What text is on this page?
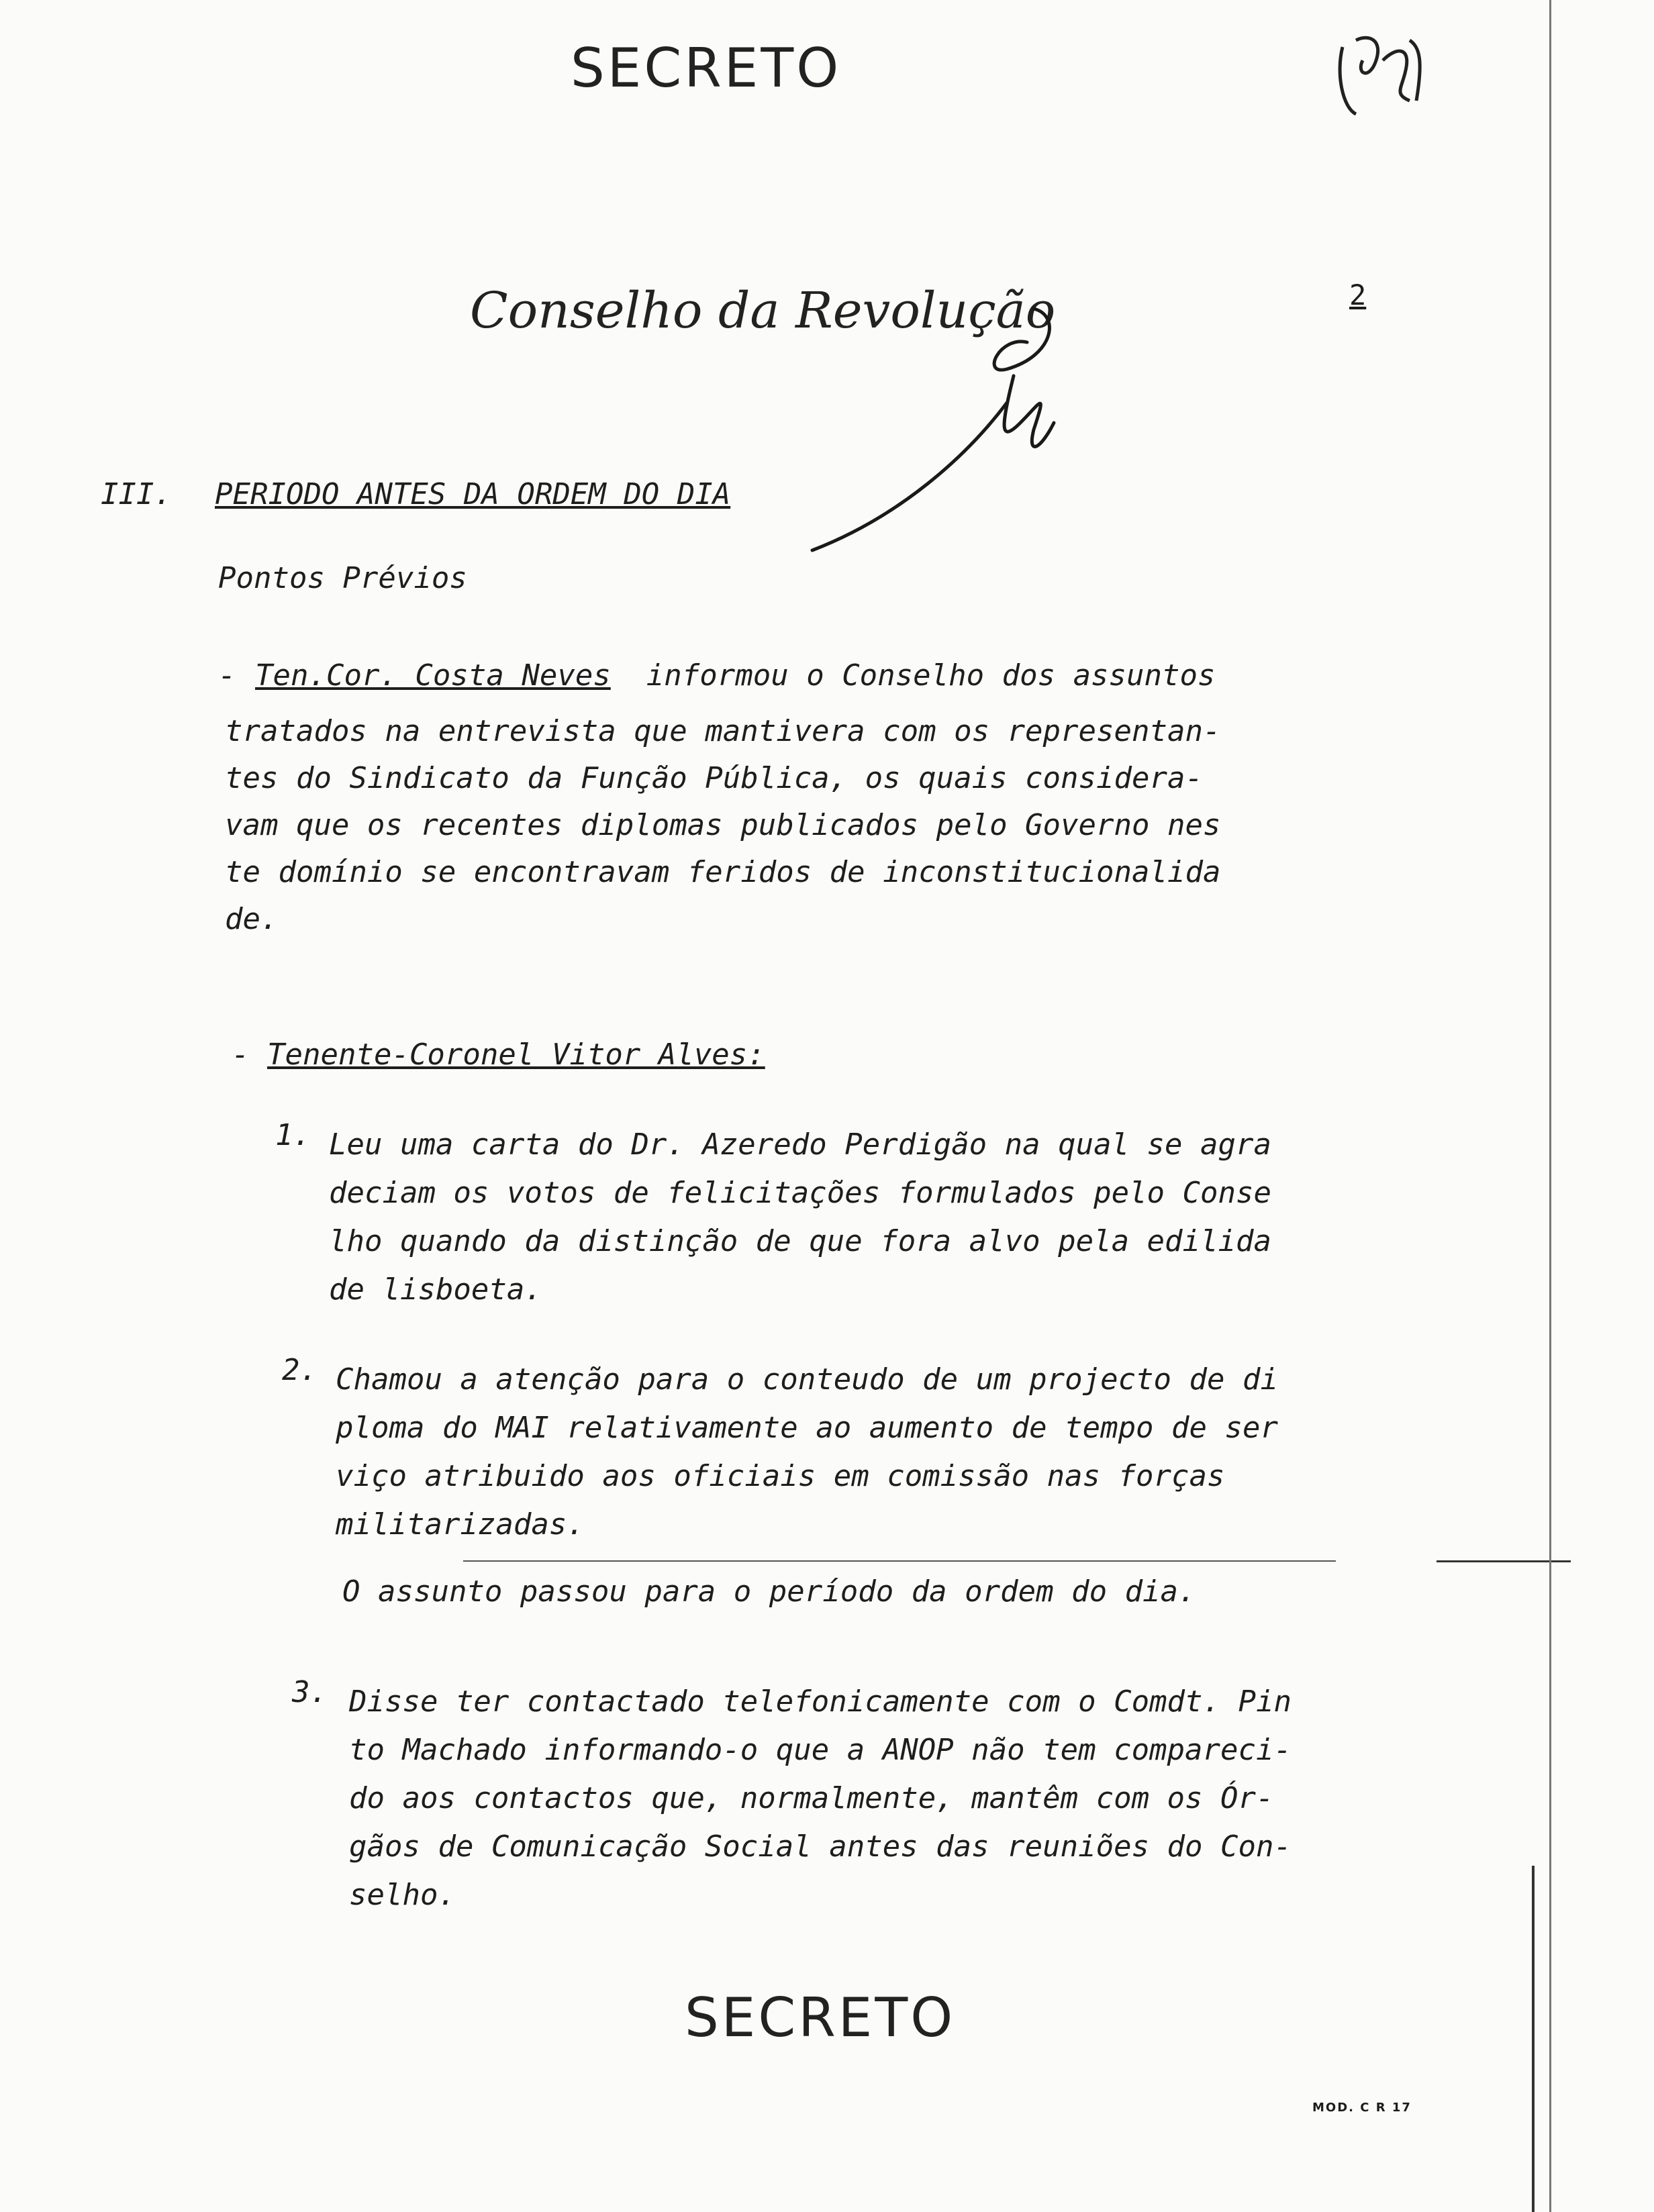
SECRETO
SECRETO
Conselho da Revolução	2
III. PERIODO ANTES DA ORDEM DO DIA
Pontos Prévios
- Ten.Cor. Costa Neves informou o Conselho dos assuntos

tratados na entrevista que mantivera com os representan-
tes do Sindicato da Função Pública, os quais considera-
vam que os recentes diplomas publicados pelo Governo nes
te domínio se encontravam feridos de inconstitucionalida
de.
- Tenente-Coronel Vitor Alves:
1. Leu uma carta do Dr. Azeredo Perdigão na qual se agra
deciam os votos de felicitações formulados pelo Conse
lho quando da distinção de que fora alvo pela edilida
de lisboeta.
2. Chamou a atenção para o conteudo de um projecto de di
ploma do MAI relativamente ao aumento de tempo de ser
viço atribuido aos oficiais em comissão nas forças
militarizadas.
O assunto passou para o período da ordem do dia.
3. Disse ter contactado telefonicamente com o Comdt. Pin
to Machado informando-o que a ANOP não tem compareci-
do aos contactos que, normalmente, mantêm com os Ór-
gãos de Comunicação Social antes das reuniões do Con-
selho.
MOD. C R 17
